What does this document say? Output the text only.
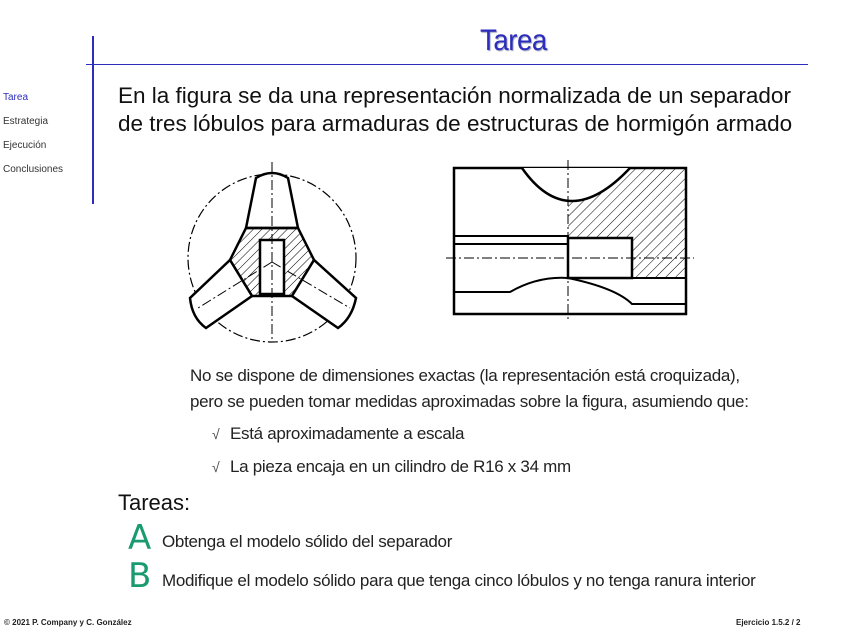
Tarea
Tarea
Estrategia
Ejecución
Conclusiones
En la figura se da una representación normalizada de un separador
de tres lóbulos para armaduras de estructuras de hormigón armado
No se dispone de dimensiones exactas (la representación está croquizada),
pero se pueden tomar medidas aproximadas sobre la figura, asumiendo que:
√ Está aproximadamente a escala
√ La pieza encaja en un cilindro de R16 x 34 mm
Tareas:
A Obtenga el modelo sólido del separador
B Modifique el modelo sólido para que tenga cinco lóbulos y no tenga ranura interior
© 2021 P. Company y C. González	Ejercicio 1.5.2 / 2
